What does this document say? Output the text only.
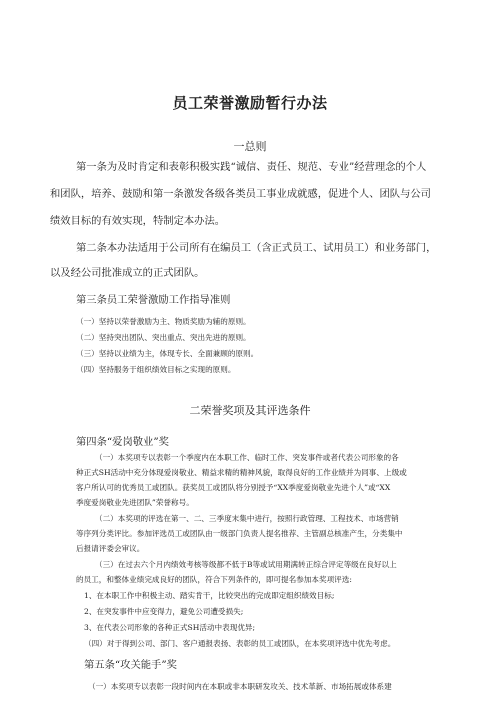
员工荣誉激励暂行办法
一总则

第一条为及时肯定和表彰积极实践“诚信、责任、规范、专业”经营理念的个人

和团队，培养、鼓励和第一条激发各级各类员工事业成就感，促进个人、团队与公司

绩效目标的有效实现，特制定本办法。

第二条本办法适用于公司所有在编员工（含正式员工、试用员工）和业务部门，

以及经公司批准成立的正式团队。

第三条员工荣誉激励工作指导准则

（一）坚持以荣誉激励为主、物质奖励为辅的原则。

（二）坚持突出团队、突出重点、突出先进的原则。

（三）坚持以业绩为主，体现专长、全面兼顾的原则。

（四）坚持服务于组织绩效目标之实现的原则。

二荣誉奖项及其评选条件

第四条“爱岗敬业”奖

（一）本奖项专以表彰一个季度内在本职工作、临时工作、突发事件或者代表公司形象的各

种正式SH活动中充分体现爱岗敬业、精益求精的精神风貌，取得良好的工作业绩并为同事、上级或

客户所认可的优秀员工或团队。获奖员工或团队将分别授予“XX季度爱岗敬业先进个人”或“XX

季度爱岗敬业先进团队”荣誉称号。

（二）本奖项的评选在第一、二、三季度末集中进行，按照行政管理、工程技术、市场营销

等序列分类评比。参加评选员工或团队由一级部门负责人提名推荐、主管副总核准产生，分类集中

后报请评委会审议。

（三）在过去六个月内绩效考核等级都不低于B等或试用期满转正综合评定等级在良好以上

的员工，和整体业绩完成良好的团队，符合下列条件的，即可提名参加本奖项评选:

1、在本职工作中积极主动、踏实肯干，比较突出的完成即定组织绩效目标;

2、在突发事件中应变得力，避免公司遭受损失;

3、在代表公司形象的各种正式SH活动中表现优异;

（四）对于得到公司、部门、客户通报表扬、表彰的员工或团队，在本奖项评选中优先考虑。

第五条“攻关能手”奖

（一）本奖项专以表彰一段时间内在本职或非本职研发攻关、技术革新、市场拓展或体系建
